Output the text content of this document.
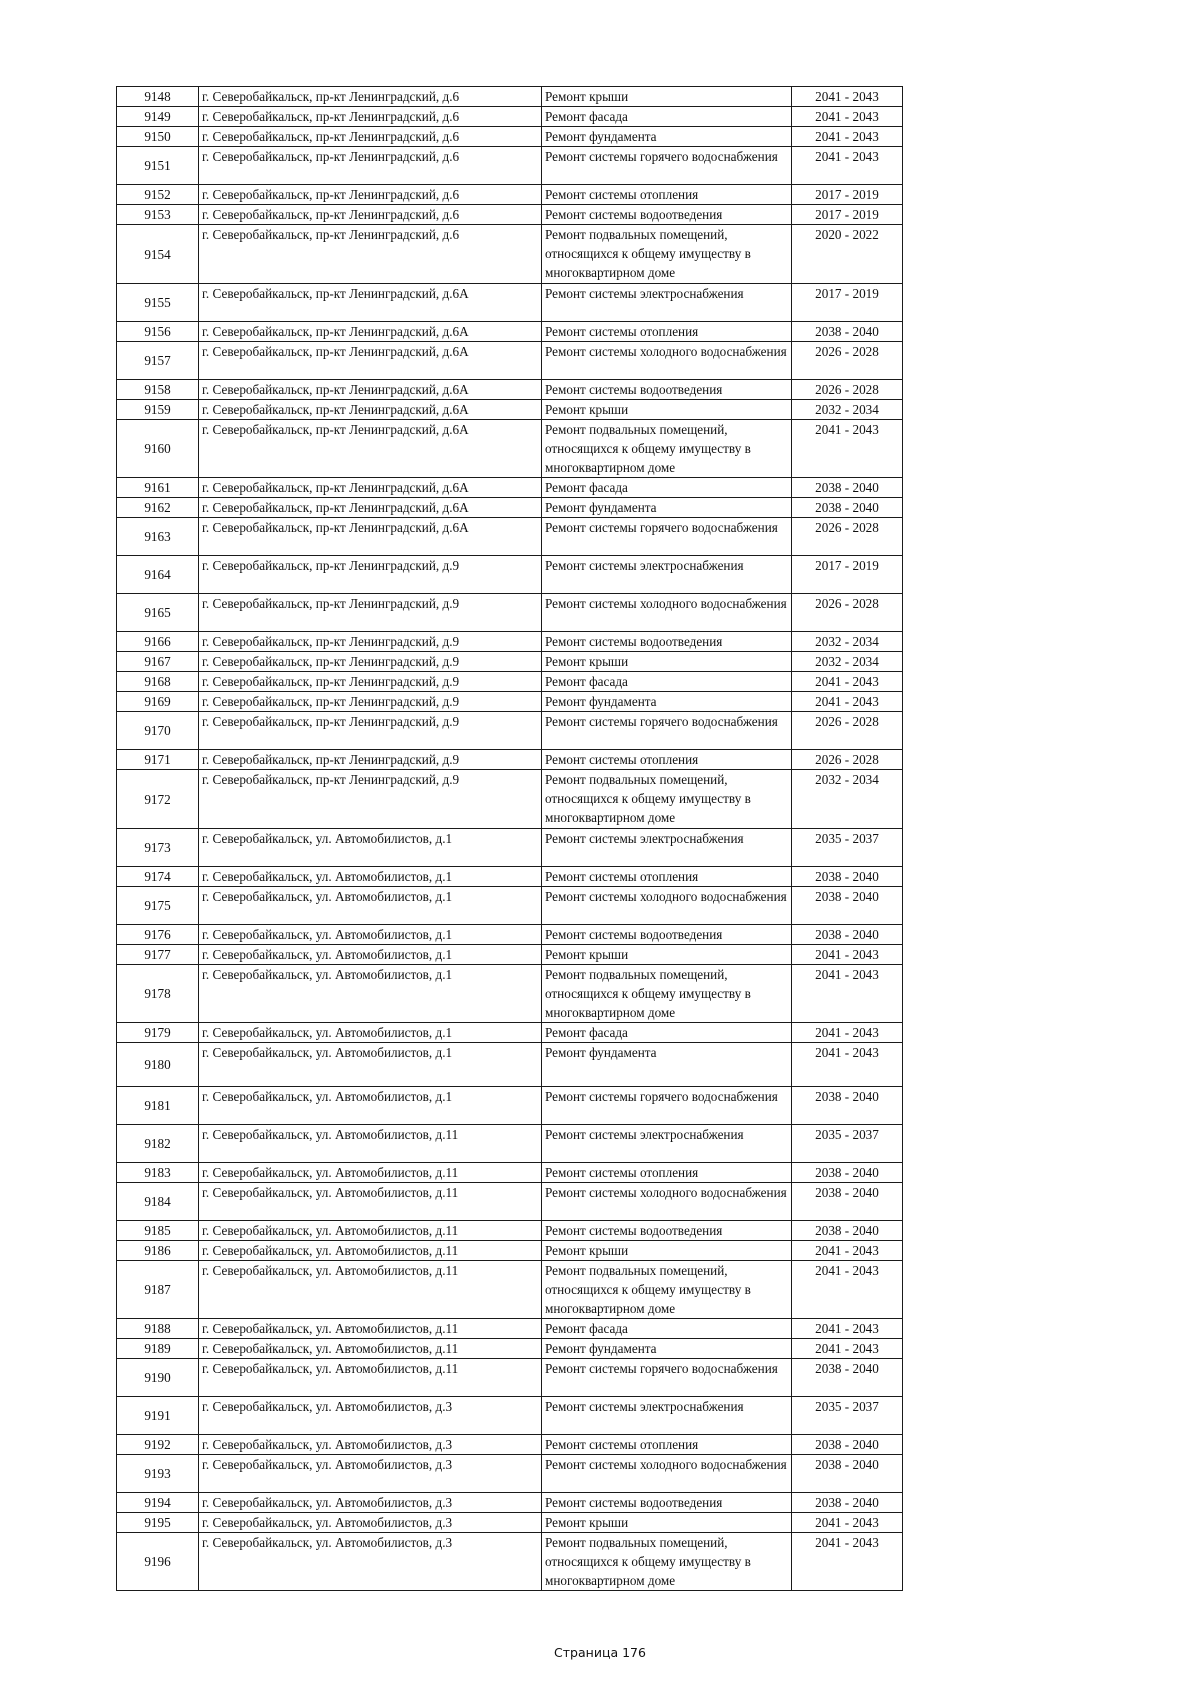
9148	г. Северобайкальск, пр-кт Ленинградский, д.6	Ремонт крыши	2041 - 2043
9149	г. Северобайкальск, пр-кт Ленинградский, д.6	Ремонт фасада	2041 - 2043
9150	г. Северобайкальск, пр-кт Ленинградский, д.6	Ремонт фундамента	2041 - 2043
9151	г. Северобайкальск, пр-кт Ленинградский, д.6	Ремонт системы горячего водоснабжения	2041 - 2043
9152	г. Северобайкальск, пр-кт Ленинградский, д.6	Ремонт системы отопления	2017 - 2019
9153	г. Северобайкальск, пр-кт Ленинградский, д.6	Ремонт системы водоотведения	2017 - 2019
9154	г. Северобайкальск, пр-кт Ленинградский, д.6	Ремонт подвальных помещений, относящихся к общему имуществу в многоквартирном доме	2020 - 2022
9155	г. Северобайкальск, пр-кт Ленинградский, д.6А	Ремонт системы электроснабжения	2017 - 2019
9156	г. Северобайкальск, пр-кт Ленинградский, д.6А	Ремонт системы отопления	2038 - 2040
9157	г. Северобайкальск, пр-кт Ленинградский, д.6А	Ремонт системы холодного водоснабжения	2026 - 2028
9158	г. Северобайкальск, пр-кт Ленинградский, д.6А	Ремонт системы водоотведения	2026 - 2028
9159	г. Северобайкальск, пр-кт Ленинградский, д.6А	Ремонт крыши	2032 - 2034
9160	г. Северобайкальск, пр-кт Ленинградский, д.6А	Ремонт подвальных помещений, относящихся к общему имуществу в многоквартирном доме	2041 - 2043
9161	г. Северобайкальск, пр-кт Ленинградский, д.6А	Ремонт фасада	2038 - 2040
9162	г. Северобайкальск, пр-кт Ленинградский, д.6А	Ремонт фундамента	2038 - 2040
9163	г. Северобайкальск, пр-кт Ленинградский, д.6А	Ремонт системы горячего водоснабжения	2026 - 2028
9164	г. Северобайкальск, пр-кт Ленинградский, д.9	Ремонт системы электроснабжения	2017 - 2019
9165	г. Северобайкальск, пр-кт Ленинградский, д.9	Ремонт системы холодного водоснабжения	2026 - 2028
9166	г. Северобайкальск, пр-кт Ленинградский, д.9	Ремонт системы водоотведения	2032 - 2034
9167	г. Северобайкальск, пр-кт Ленинградский, д.9	Ремонт крыши	2032 - 2034
9168	г. Северобайкальск, пр-кт Ленинградский, д.9	Ремонт фасада	2041 - 2043
9169	г. Северобайкальск, пр-кт Ленинградский, д.9	Ремонт фундамента	2041 - 2043
9170	г. Северобайкальск, пр-кт Ленинградский, д.9	Ремонт системы горячего водоснабжения	2026 - 2028
9171	г. Северобайкальск, пр-кт Ленинградский, д.9	Ремонт системы отопления	2026 - 2028
9172	г. Северобайкальск, пр-кт Ленинградский, д.9	Ремонт подвальных помещений, относящихся к общему имуществу в многоквартирном доме	2032 - 2034
9173	г. Северобайкальск, ул. Автомобилистов, д.1	Ремонт системы электроснабжения	2035 - 2037
9174	г. Северобайкальск, ул. Автомобилистов, д.1	Ремонт системы отопления	2038 - 2040
9175	г. Северобайкальск, ул. Автомобилистов, д.1	Ремонт системы холодного водоснабжения	2038 - 2040
9176	г. Северобайкальск, ул. Автомобилистов, д.1	Ремонт системы водоотведения	2038 - 2040
9177	г. Северобайкальск, ул. Автомобилистов, д.1	Ремонт крыши	2041 - 2043
9178	г. Северобайкальск, ул. Автомобилистов, д.1	Ремонт подвальных помещений, относящихся к общему имуществу в многоквартирном доме	2041 - 2043
9179	г. Северобайкальск, ул. Автомобилистов, д.1	Ремонт фасада	2041 - 2043
9180	г. Северобайкальск, ул. Автомобилистов, д.1	Ремонт фундамента	2041 - 2043
9181	г. Северобайкальск, ул. Автомобилистов, д.1	Ремонт системы горячего водоснабжения	2038 - 2040
9182	г. Северобайкальск, ул. Автомобилистов, д.11	Ремонт системы электроснабжения	2035 - 2037
9183	г. Северобайкальск, ул. Автомобилистов, д.11	Ремонт системы отопления	2038 - 2040
9184	г. Северобайкальск, ул. Автомобилистов, д.11	Ремонт системы холодного водоснабжения	2038 - 2040
9185	г. Северобайкальск, ул. Автомобилистов, д.11	Ремонт системы водоотведения	2038 - 2040
9186	г. Северобайкальск, ул. Автомобилистов, д.11	Ремонт крыши	2041 - 2043
9187	г. Северобайкальск, ул. Автомобилистов, д.11	Ремонт подвальных помещений, относящихся к общему имуществу в многоквартирном доме	2041 - 2043
9188	г. Северобайкальск, ул. Автомобилистов, д.11	Ремонт фасада	2041 - 2043
9189	г. Северобайкальск, ул. Автомобилистов, д.11	Ремонт фундамента	2041 - 2043
9190	г. Северобайкальск, ул. Автомобилистов, д.11	Ремонт системы горячего водоснабжения	2038 - 2040
9191	г. Северобайкальск, ул. Автомобилистов, д.3	Ремонт системы электроснабжения	2035 - 2037
9192	г. Северобайкальск, ул. Автомобилистов, д.3	Ремонт системы отопления	2038 - 2040
9193	г. Северобайкальск, ул. Автомобилистов, д.3	Ремонт системы холодного водоснабжения	2038 - 2040
9194	г. Северобайкальск, ул. Автомобилистов, д.3	Ремонт системы водоотведения	2038 - 2040
9195	г. Северобайкальск, ул. Автомобилистов, д.3	Ремонт крыши	2041 - 2043
9196	г. Северобайкальск, ул. Автомобилистов, д.3	Ремонт подвальных помещений, относящихся к общему имуществу в многоквартирном доме	2041 - 2043
Страница 176
